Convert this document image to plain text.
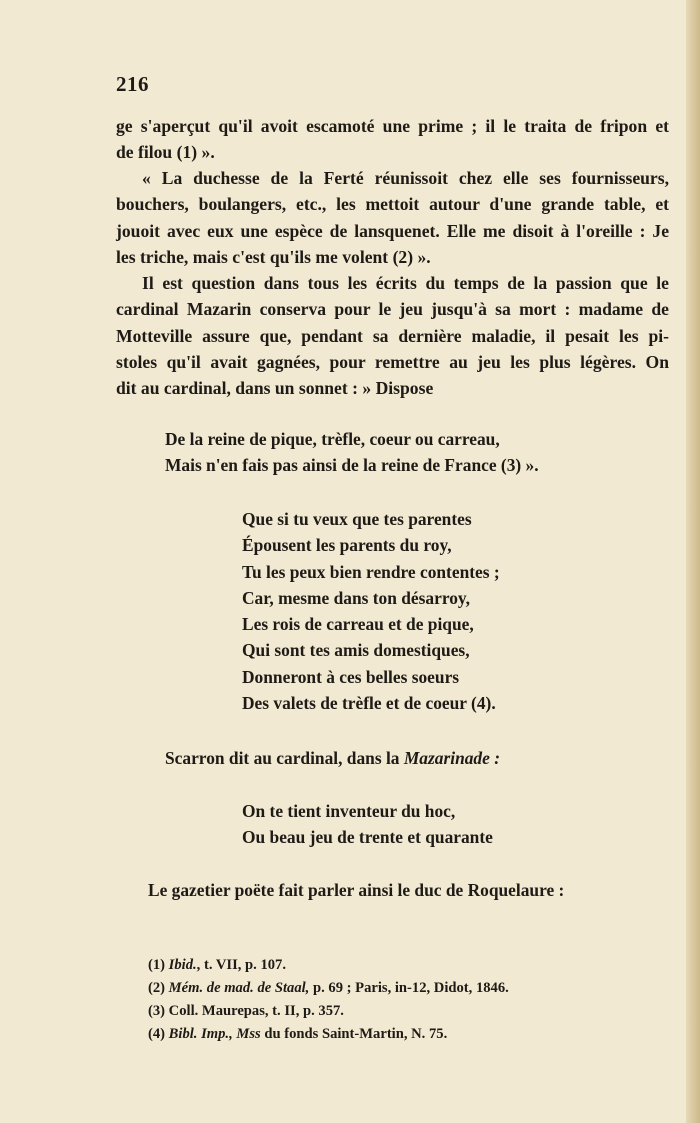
216
ge s'aperçut qu'il avoit escamoté une prime ; il le traita de fripon et
de filou (1) ».
« La duchesse de la Ferté réunissoit chez elle ses fournisseurs,
bouchers, boulangers, etc., les mettoit autour d'une grande table, et
jouoit avec eux une espèce de lansquenet. Elle me disoit à l'oreille : Je
les triche, mais c'est qu'ils me volent (2) ».
Il est question dans tous les écrits du temps de la passion que le
cardinal Mazarin conserva pour le jeu jusqu'à sa mort : madame de
Motteville assure que, pendant sa dernière maladie, il pesait les pi-
stoles qu'il avait gagnées, pour remettre au jeu les plus légères. On
dit au cardinal, dans un sonnet : » Dispose
De la reine de pique, trèfle, coeur ou carreau,
Mais n'en fais pas ainsi de la reine de France (3) ».
Que si tu veux que tes parentes
Épousent les parents du roy,
Tu les peux bien rendre contentes ;
Car, mesme dans ton désarroy,
Les rois de carreau et de pique,
Qui sont tes amis domestiques,
Donneront à ces belles soeurs
Des valets de trèfle et de coeur (4).
Scarron dit au cardinal, dans la Mazarinade :
On te tient inventeur du hoc,
Ou beau jeu de trente et quarante
Le gazetier poëte fait parler ainsi le duc de Roquelaure :
(1) Ibid., t. VII, p. 107.
(2) Mém. de mad. de Staal, p. 69 ; Paris, in-12, Didot, 1846.
(3) Coll. Maurepas, t. II, p. 357.
(4) Bibl. Imp., Mss du fonds Saint-Martin, N. 75.
